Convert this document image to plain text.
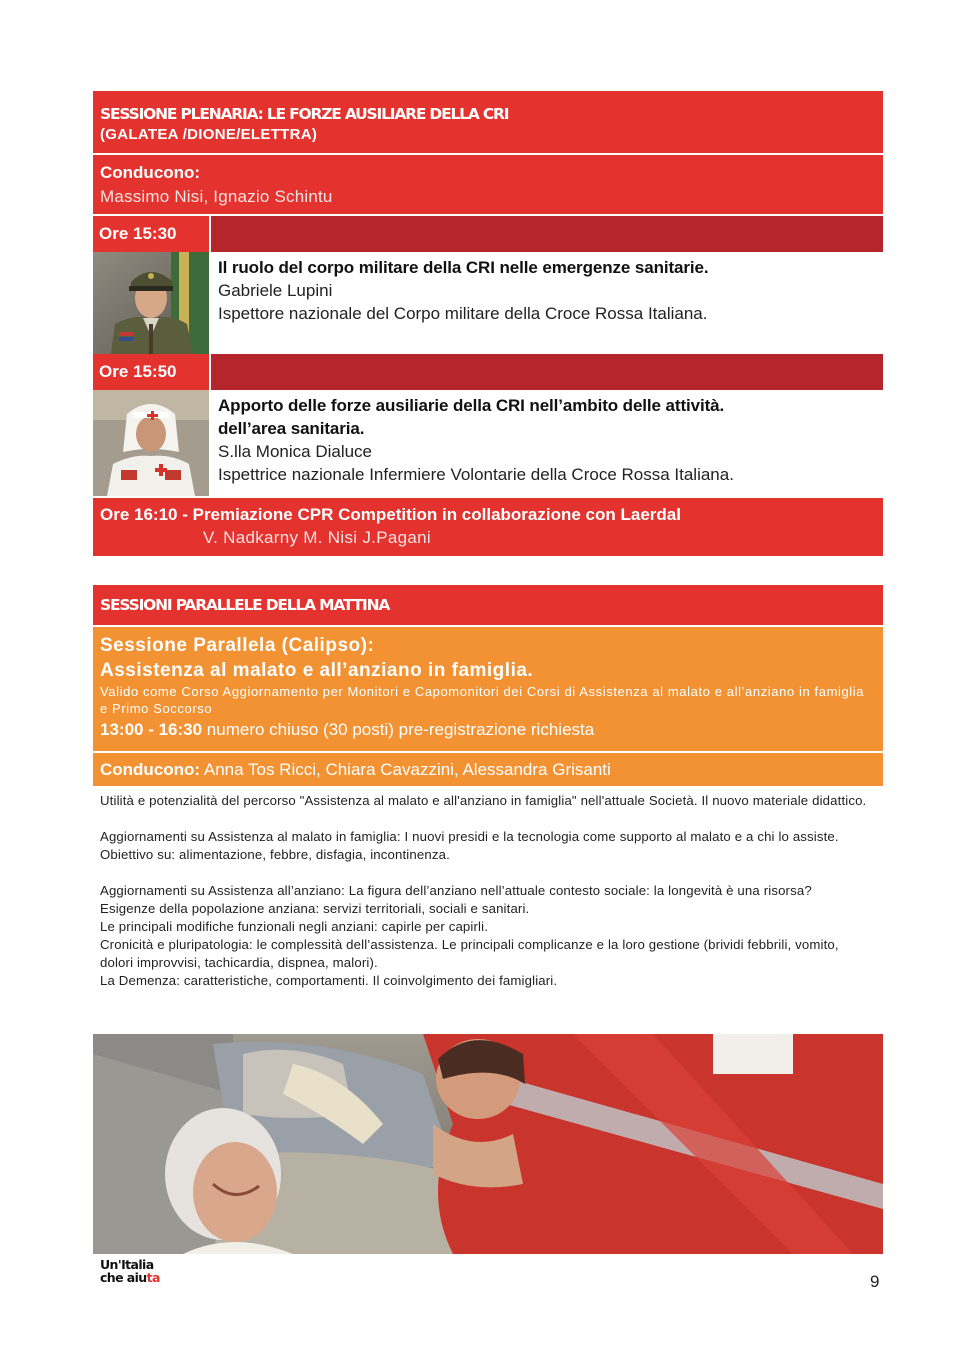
SESSIONE PLENARIA: LE FORZE AUSILIARE DELLA CRI
(GALATEA /DIONE/ELETTRA)
Conducono:
Massimo Nisi, Ignazio Schintu
Ore 15:30
Il ruolo del corpo militare della CRI nelle emergenze sanitarie.
Gabriele Lupini
Ispettore nazionale del Corpo militare della Croce Rossa Italiana.
Ore 15:50
Apporto delle forze ausiliarie della CRI nell’ambito delle attività.
dell’area sanitaria.
S.lla Monica Dialuce
Ispettrice nazionale Infermiere Volontarie della Croce Rossa Italiana.
Ore 16:10 - Premiazione CPR Competition in collaborazione con Laerdal
V. Nadkarny M. Nisi J.Pagani
SESSIONI PARALLELE DELLA MATTINA
Sessione Parallela (Calipso):
Assistenza al malato e all’anziano in famiglia.
Valido come Corso Aggiornamento per Monitori e Capomonitori dei Corsi di Assistenza al malato e all’anziano in famiglia e Primo Soccorso
13:00 - 16:30 numero chiuso (30 posti) pre-registrazione richiesta
Conducono: Anna Tos Ricci, Chiara Cavazzini, Alessandra Grisanti

Utilità e potenzialità del percorso "Assistenza al malato e all'anziano in famiglia" nell'attuale Società. Il nuovo materiale didattico.

Aggiornamenti su Assistenza al malato in famiglia: I nuovi presidi e la tecnologia come supporto al malato e a chi lo assiste. Obiettivo su: alimentazione, febbre, disfagia, incontinenza.

Aggiornamenti su Assistenza all’anziano: La figura dell’anziano nell’attuale contesto sociale: la longevità è una risorsa?
Esigenze della popolazione anziana: servizi territoriali, sociali e sanitari.
Le principali modifiche funzionali negli anziani: capirle per capirli.
Cronicità e pluripatologia: le complessità dell’assistenza. Le principali complicanze e la loro gestione (brividi febbrili, vomito, dolori improvvisi, tachicardia, dispnea, malori).
La Demenza: caratteristiche, comportamenti. Il coinvolgimento dei famigliari.

Un'Italia
che aiuta	9
